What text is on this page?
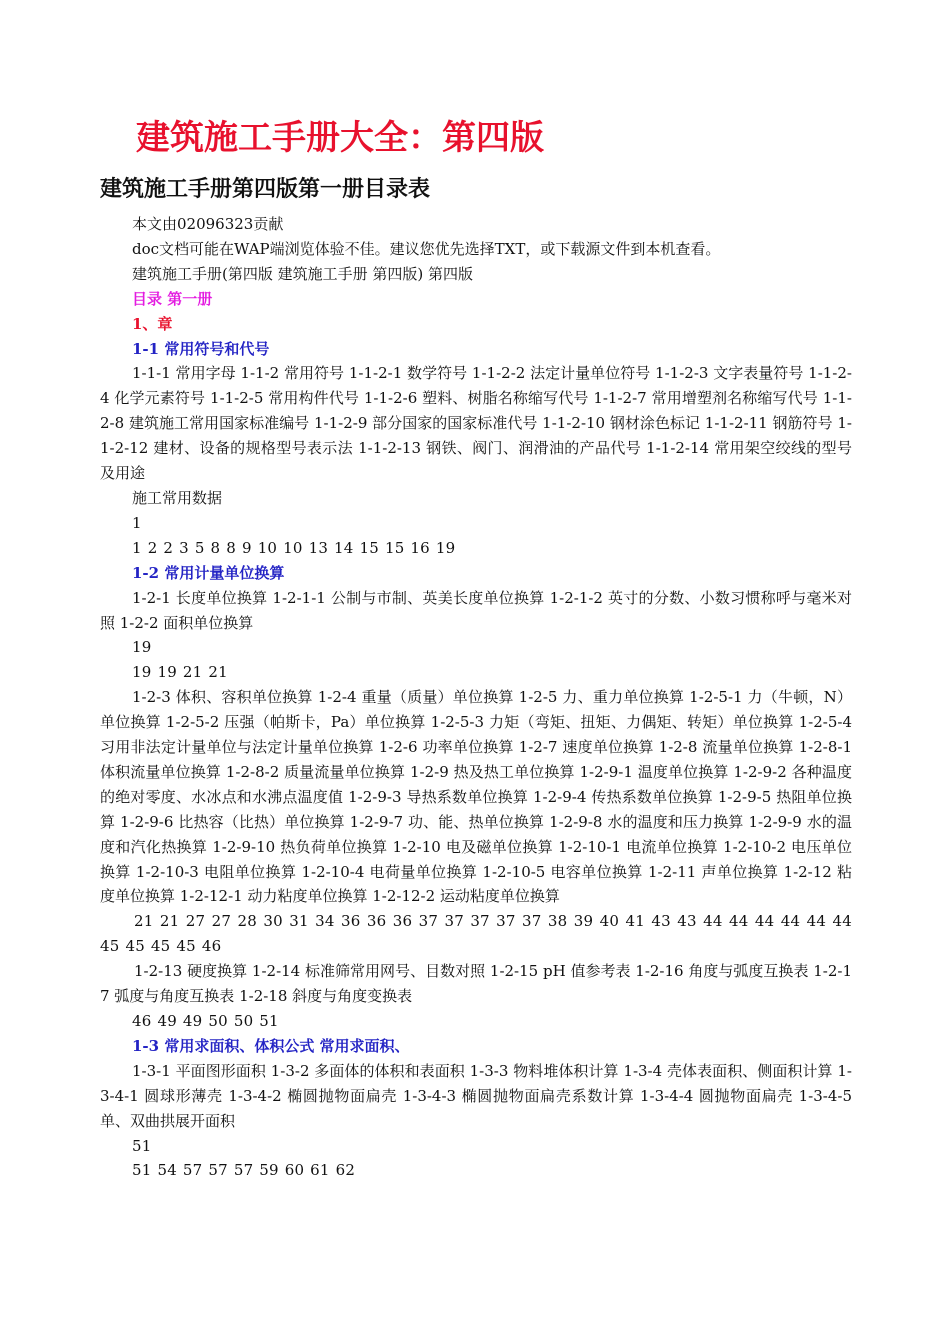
建筑施工手册大全：第四版
建筑施工手册第四版第一册目录表

本文由02096323贡献

doc文档可能在WAP端浏览体验不佳。建议您优先选择TXT，或下载源文件到本机查看。

建筑施工手册(第四版 建筑施工手册 第四版) 第四版

目录 第一册

1、章

1-1 常用符号和代号

1-1-1 常用字母 1-1-2 常用符号 1-1-2-1 数学符号 1-1-2-2 法定计量单位符号 1-1-2-3 文字表量符号 1-1-2-4 化学元素符号 1-1-2-5 常用构件代号 1-1-2-6 塑料、树脂名称缩写代号 1-1-2-7 常用增塑剂名称缩写代号 1-1-2-8 建筑施工常用国家标准编号 1-1-2-9 部分国家的国家标准代号 1-1-2-10 钢材涂色标记 1-1-2-11 钢筋符号 1-1-2-12 建材、设备的规格型号表示法 1-1-2-13 钢铁、阀门、润滑油的产品代号 1-1-2-14 常用架空绞线的型号及用途

施工常用数据

1

1 2 2 3 5 8 8 9 10 10 13 14 15 15 16 19

1-2 常用计量单位换算

1-2-1 长度单位换算 1-2-1-1 公制与市制、英美长度单位换算 1-2-1-2 英寸的分数、小数习惯称呼与毫米对照 1-2-2 面积单位换算

19

19 19 21 21

1-2-3 体积、容积单位换算 1-2-4 重量（质量）单位换算 1-2-5 力、重力单位换算 1-2-5-1 力（牛顿，N）单位换算 1-2-5-2 压强（帕斯卡，Pa）单位换算 1-2-5-3 力矩（弯矩、扭矩、力偶矩、转矩）单位换算 1-2-5-4 习用非法定计量单位与法定计量单位换算 1-2-6 功率单位换算 1-2-7 速度单位换算 1-2-8 流量单位换算 1-2-8-1 体积流量单位换算 1-2-8-2 质量流量单位换算 1-2-9 热及热工单位换算 1-2-9-1 温度单位换算 1-2-9-2 各种温度的绝对零度、水冰点和水沸点温度值 1-2-9-3 导热系数单位换算 1-2-9-4 传热系数单位换算 1-2-9-5 热阻单位换算 1-2-9-6 比热容（比热）单位换算 1-2-9-7 功、能、热单位换算 1-2-9-8 水的温度和压力换算 1-2-9-9 水的温度和汽化热换算 1-2-9-10 热负荷单位换算 1-2-10 电及磁单位换算 1-2-10-1 电流单位换算 1-2-10-2 电压单位换算 1-2-10-3 电阻单位换算 1-2-10-4 电荷量单位换算 1-2-10-5 电容单位换算 1-2-11 声单位换算 1-2-12 粘度单位换算 1-2-12-1 动力粘度单位换算 1-2-12-2 运动粘度单位换算

21 21 27 27 28 30 31 34 36 36 36 37 37 37 37 37 38 39 40 41 43 43 44 44 44 44 44 44 45 45 45 45 46

1-2-13 硬度换算 1-2-14 标准筛常用网号、目数对照 1-2-15 pH 值参考表 1-2-16 角度与弧度互换表 1-2-17 弧度与角度互换表 1-2-18 斜度与角度变换表

46 49 49 50 50 51

1-3 常用求面积、体积公式 常用求面积、

1-3-1 平面图形面积 1-3-2 多面体的体积和表面积 1-3-3 物料堆体积计算 1-3-4 壳体表面积、侧面积计算 1-3-4-1 圆球形薄壳 1-3-4-2 椭圆抛物面扁壳 1-3-4-3 椭圆抛物面扁壳系数计算 1-3-4-4 圆抛物面扁壳 1-3-4-5 单、双曲拱展开面积

51

51 54 57 57 57 59 60 61 62
